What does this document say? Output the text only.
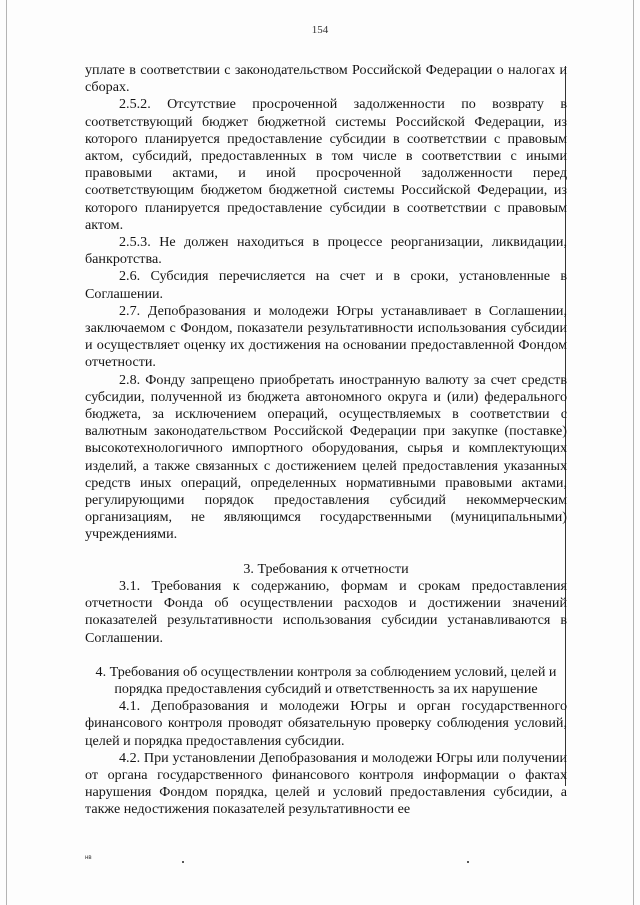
154

уплате в соответствии с законодательством Российской Федерации о налогах и сборах.

2.5.2. Отсутствие просроченной задолженности по возврату в соответствующий бюджет бюджетной системы Российской Федерации, из которого планируется предоставление субсидии в соответствии с правовым актом, субсидий, предоставленных в том числе в соответствии с иными правовыми актами, и иной просроченной задолженности перед соответствующим бюджетом бюджетной системы Российской Федерации, из которого планируется предоставление субсидии в соответствии с правовым актом.

2.5.3. Не должен находиться в процессе реорганизации, ликвидации, банкротства.

2.6. Субсидия перечисляется на счет и в сроки, установленные в Соглашении.

2.7. Депобразования и молодежи Югры устанавливает в Соглашении, заключаемом с Фондом, показатели результативности использования субсидии и осуществляет оценку их достижения на основании предоставленной Фондом отчетности.

2.8. Фонду запрещено приобретать иностранную валюту за счет средств субсидии, полученной из бюджета автономного округа и (или) федерального бюджета, за исключением операций, осуществляемых в соответствии с валютным законодательством Российской Федерации при закупке (поставке) высокотехнологичного импортного оборудования, сырья и комплектующих изделий, а также связанных с достижением целей предоставления указанных средств иных операций, определенных нормативными правовыми актами, регулирующими порядок предоставления субсидий некоммерческим организациям, не являющимся государственными (муниципальными) учреждениями.

3. Требования к отчетности

3.1. Требования к содержанию, формам и срокам предоставления отчетности Фонда об осуществлении расходов и достижении значений показателей результативности использования субсидии устанавливаются в Соглашении.

4. Требования об осуществлении контроля за соблюдением условий, целей и порядка предоставления субсидий и ответственность за их нарушение

4.1. Депобразования и молодежи Югры и орган государственного финансового контроля проводят обязательную проверку соблюдения условий, целей и порядка предоставления субсидии.

4.2. При установлении Депобразования и молодежи Югры или получении от органа государственного финансового контроля информации о фактах нарушения Фондом порядка, целей и условий предоставления субсидии, а также недостижения показателей результативности ее

нв
